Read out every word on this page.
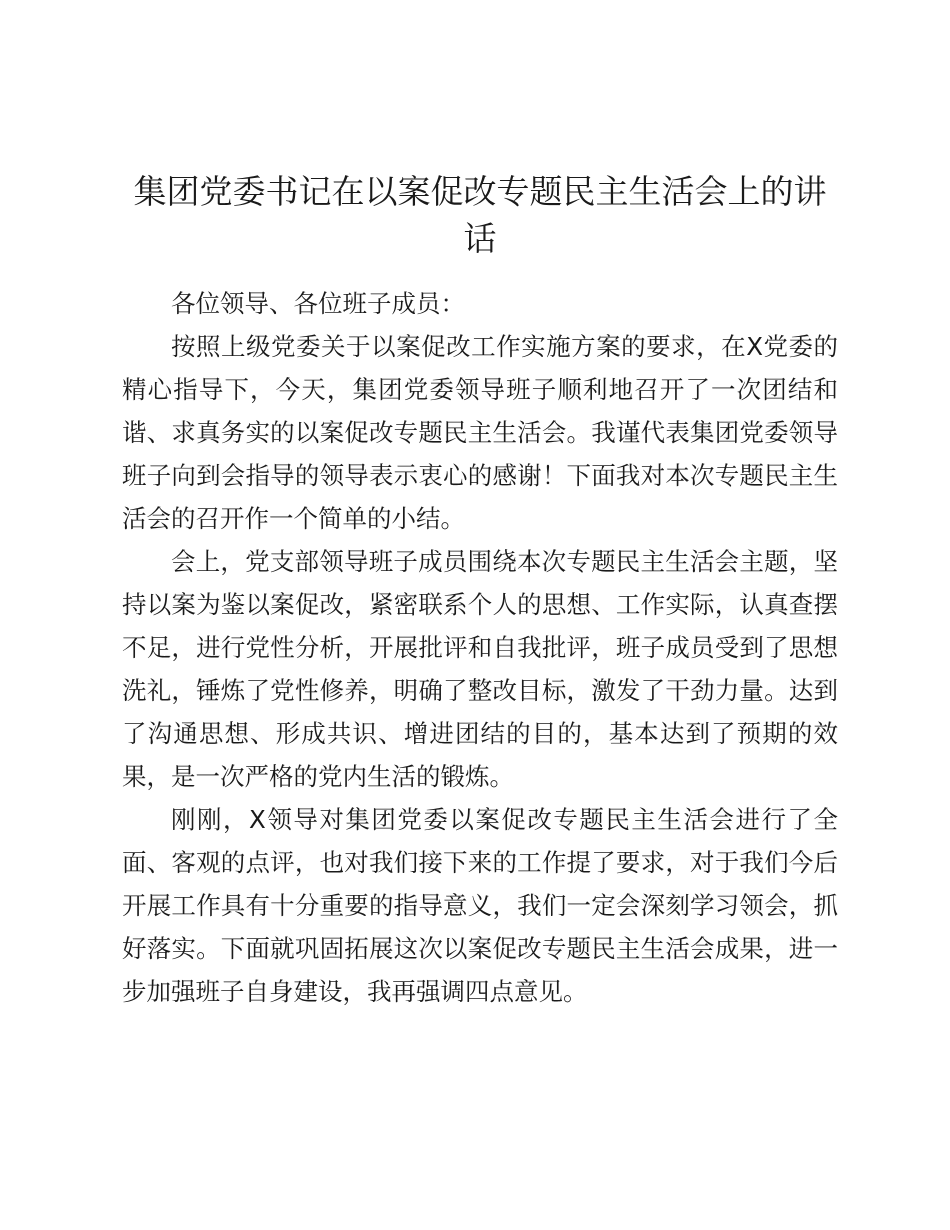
集团党委书记在以案促改专题民主生活会上的讲话

各位领导、各位班子成员：

按照上级党委关于以案促改工作实施方案的要求，在X党委的精心指导下，今天，集团党委领导班子顺利地召开了一次团结和谐、求真务实的以案促改专题民主生活会。我谨代表集团党委领导班子向到会指导的领导表示衷心的感谢！下面我对本次专题民主生活会的召开作一个简单的小结。

会上，党支部领导班子成员围绕本次专题民主生活会主题，坚持以案为鉴以案促改，紧密联系个人的思想、工作实际，认真查摆不足，进行党性分析，开展批评和自我批评，班子成员受到了思想洗礼，锤炼了党性修养，明确了整改目标，激发了干劲力量。达到了沟通思想、形成共识、增进团结的目的，基本达到了预期的效果，是一次严格的党内生活的锻炼。

刚刚，X领导对集团党委以案促改专题民主生活会进行了全面、客观的点评，也对我们接下来的工作提了要求，对于我们今后开展工作具有十分重要的指导意义，我们一定会深刻学习领会，抓好落实。下面就巩固拓展这次以案促改专题民主生活会成果，进一步加强班子自身建设，我再强调四点意见。
